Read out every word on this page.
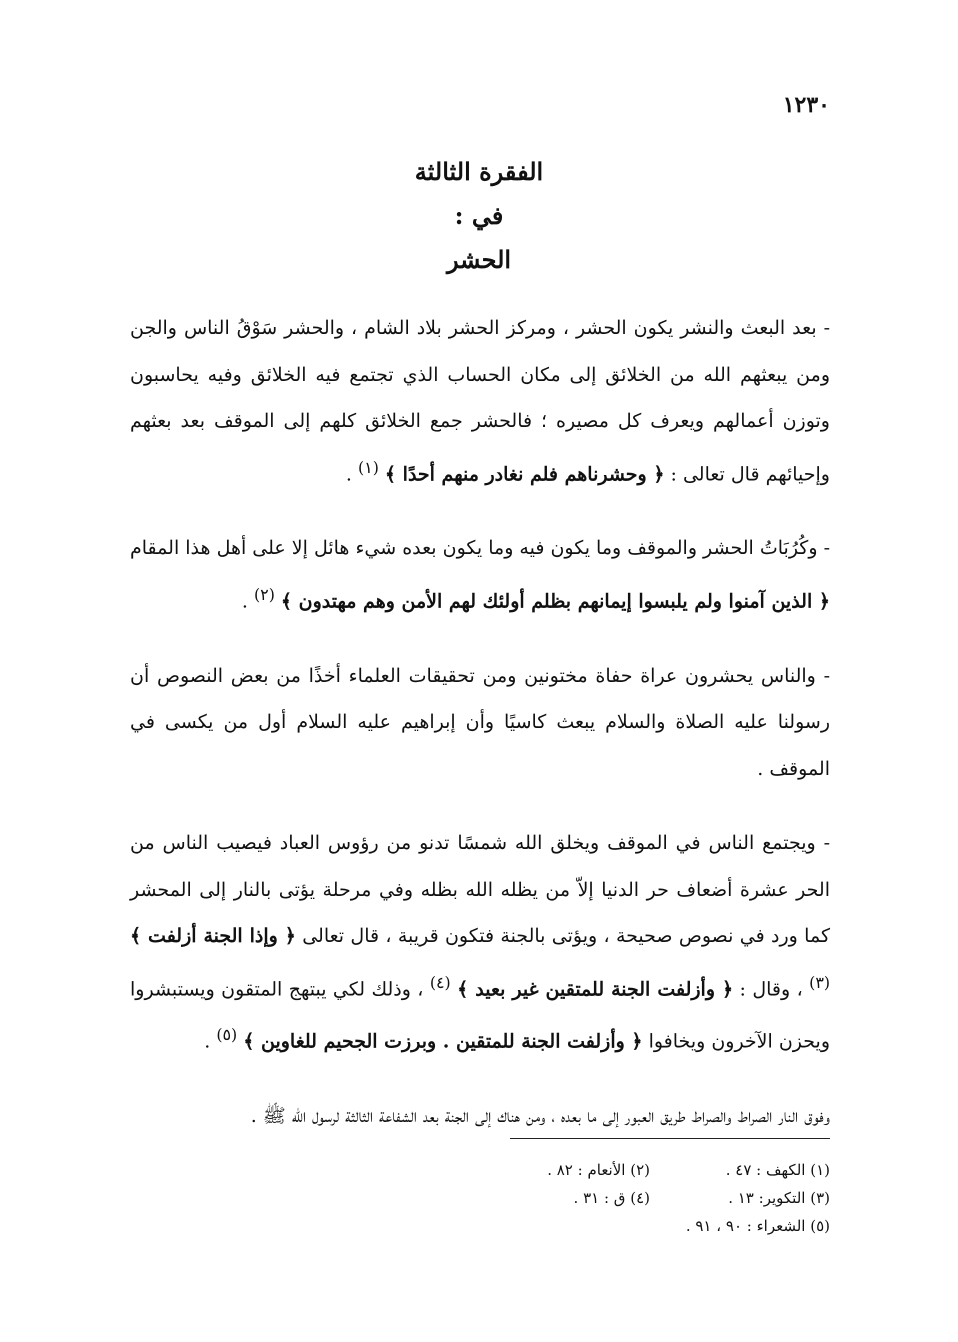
١٢٣٠
الفقرة الثالثة
في :
الحشر

- بعد البعث والنشر يكون الحشر ، ومركز الحشر بلاد الشام ، والحشر سَوْقُ الناس والجن ومن يبعثهم الله من الخلائق إلى مكان الحساب الذي تجتمع فيه الخلائق وفيه يحاسبون وتوزن أعمالهم ويعرف كل مصيره ؛ فالحشر جمع الخلائق كلهم إلى الموقف بعد بعثهم وإحيائهم قال تعالى : ﴿ وحشرناهم فلم نغادر منهم أحدًا ﴾ $^{(١)}$ .

- وكُرُبَاتُ الحشر والموقف وما يكون فيه وما يكون بعده شيء هائل إلا على أهل هذا المقام ﴿ الذين آمنوا ولم يلبسوا إيمانهم بظلم أولئك لهم الأمن وهم مهتدون ﴾ $^{(٢)}$ .

- والناس يحشرون عراة حفاة مختونين ومن تحقيقات العلماء أخذًا من بعض النصوص أن رسولنا عليه الصلاة والسلام يبعث كاسيًا وأن إبراهيم عليه السلام أول من يكسى في الموقف .

- ويجتمع الناس في الموقف ويخلق الله شمسًا تدنو من رؤوس العباد فيصيب الناس من الحر عشرة أضعاف حر الدنيا إلاّ من يظله الله بظله وفي مرحلة يؤتى بالنار إلى المحشر كما ورد في نصوص صحيحة ، ويؤتى بالجنة فتكون قريبة ، قال تعالى ﴿ وإذا الجنة أزلفت ﴾ $^{(٣)}$ ، وقال : ﴿ وأزلفت الجنة للمتقين غير بعيد ﴾ $^{(٤)}$ ، وذلك لكي يبتهج المتقون ويستبشروا ويحزن الآخرون ويخافوا ﴿ وأزلفت الجنة للمتقين . وبرزت الجحيم للغاوين ﴾ $^{(٥)}$ .

وفوق النار الصراط والصراط طريق العبور إلى ما بعده ، ومن هناك إلى الجنة بعد الشفاعة الثالثة لرسول الله ﷺ .

(١) الكهف : ٤٧ .
(٢) الأنعام : ٨٢ .
(٣) التكوير: ١٣ .
(٤) ق : ٣١ .
(٥) الشعراء : ٩٠ ، ٩١ .
